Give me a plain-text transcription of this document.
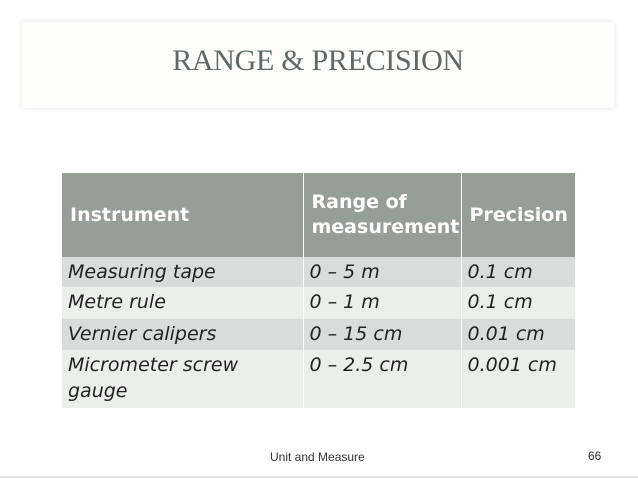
RANGE & PRECISION
Instrument	Range of measurement	Precision
Measuring tape	0 – 5 m	0.1 cm
Metre rule	0 – 1 m	0.1 cm
Vernier calipers	0 – 15 cm	0.01 cm
Micrometer screw gauge	0 – 2.5 cm	0.001 cm
Unit and Measure	66
